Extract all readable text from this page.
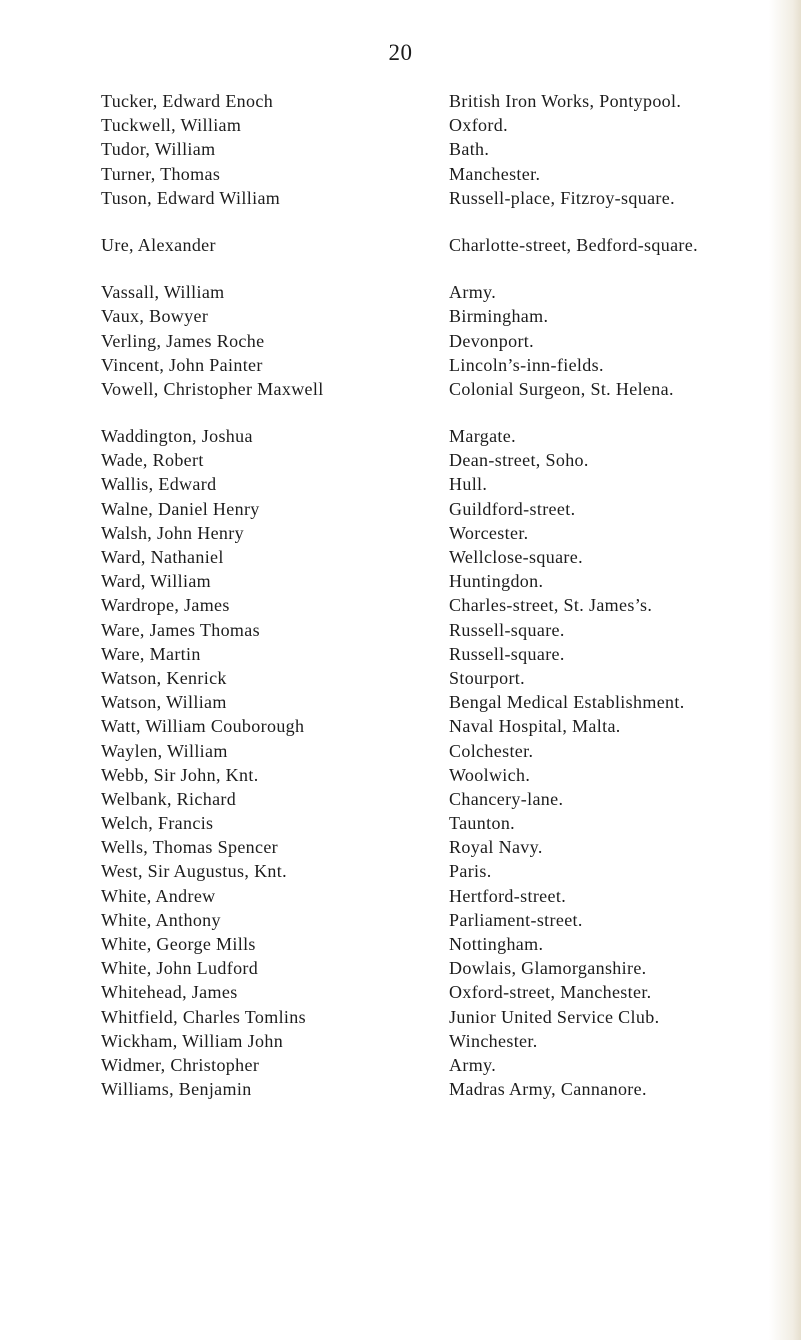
20
Tucker, Edward Enoch	British Iron Works, Pontypool.
Tuckwell, William	Oxford.
Tudor, William	Bath.
Turner, Thomas	Manchester.
Tuson, Edward William	Russell-place, Fitzroy-square.
Ure, Alexander	Charlotte-street, Bedford-square.
Vassall, William	Army.
Vaux, Bowyer	Birmingham.
Verling, James Roche	Devonport.
Vincent, John Painter	Lincoln’s-inn-fields.
Vowell, Christopher Maxwell	Colonial Surgeon, St. Helena.
Waddington, Joshua	Margate.
Wade, Robert	Dean-street, Soho.
Wallis, Edward	Hull.
Walne, Daniel Henry	Guildford-street.
Walsh, John Henry	Worcester.
Ward, Nathaniel	Wellclose-square.
Ward, William	Huntingdon.
Wardrope, James	Charles-street, St. James’s.
Ware, James Thomas	Russell-square.
Ware, Martin	Russell-square.
Watson, Kenrick	Stourport.
Watson, William	Bengal Medical Establishment.
Watt, William Couborough	Naval Hospital, Malta.
Waylen, William	Colchester.
Webb, Sir John, Knt.	Woolwich.
Welbank, Richard	Chancery-lane.
Welch, Francis	Taunton.
Wells, Thomas Spencer	Royal Navy.
West, Sir Augustus, Knt.	Paris.
White, Andrew	Hertford-street.
White, Anthony	Parliament-street.
White, George Mills	Nottingham.
White, John Ludford	Dowlais, Glamorganshire.
Whitehead, James	Oxford-street, Manchester.
Whitfield, Charles Tomlins	Junior United Service Club.
Wickham, William John	Winchester.
Widmer, Christopher	Army.
Williams, Benjamin	Madras Army, Cannanore.
